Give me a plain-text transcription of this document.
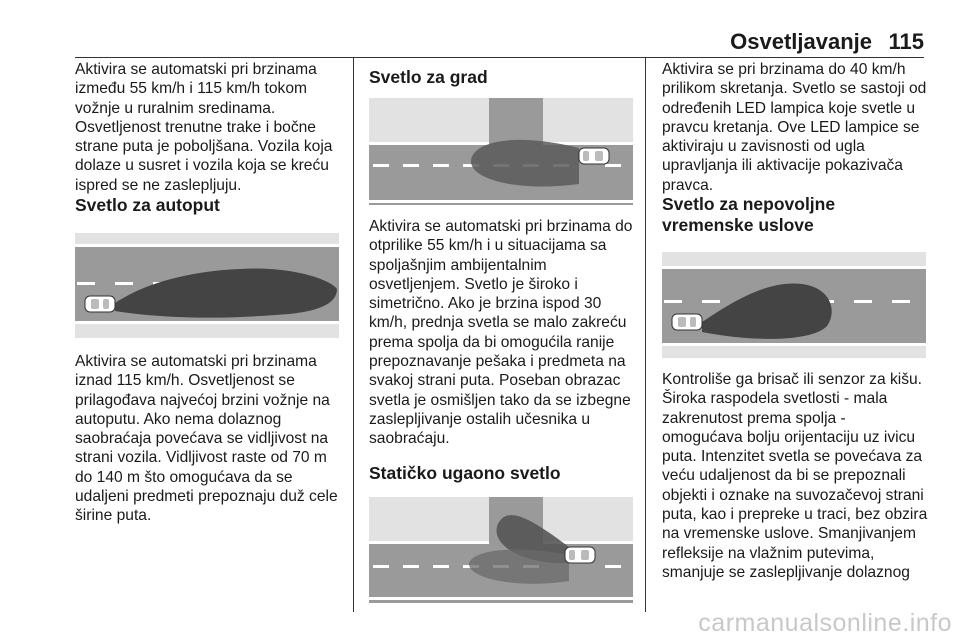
Osvetljavanje 115

Aktivira se automatski pri brzinama između 55 km/h i 115 km/h tokom vožnje u ruralnim sredinama. Osvetljenost trenutne trake i bočne strane puta je poboljšana. Vozila koja dolaze u susret i vozila koja se kreću ispred se ne zaslepljuju.

Svetlo za autoput

Aktivira se automatski pri brzinama iznad 115 km/h. Osvetljenost se prilagođava najvećoj brzini vožnje na autoputu. Ako nema dolaznog saobraćaja povećava se vidljivost na strani vozila. Vidljivost raste od 70 m do 140 m što omogućava da se udaljeni predmeti prepoznaju duž cele širine puta.

Svetlo za grad

Aktivira se automatski pri brzinama do otprilike 55 km/h i u situacijama sa spoljašnjim ambijentalnim osvetljenjem. Svetlo je široko i simetrično. Ako je brzina ispod 30 km/h, prednja svetla se malo zakreću prema spolja da bi omogućila ranije prepoznavanje pešaka i predmeta na svakoj strani puta. Poseban obrazac svetla je osmišljen tako da se izbegne zaslepljivanje ostalih učesnika u saobraćaju.

Statičko ugaono svetlo

Aktivira se pri brzinama do 40 km/h prilikom skretanja. Svetlo se sastoji od određenih LED lampica koje svetle u pravcu kretanja. Ove LED lampice se aktiviraju u zavisnosti od ugla upravljanja ili aktivacije pokazivača pravca.

Svetlo za nepovoljne vremenske uslove

Kontroliše ga brisač ili senzor za kišu. Široka raspodela svetlosti - mala zakrenutost prema spolja - omogućava bolju orijentaciju uz ivicu puta. Intenzitet svetla se povećava za veću udaljenost da bi se prepoznali objekti i oznake na suvozačevoj strani puta, kao i prepreke u traci, bez obzira na vremenske uslove. Smanjivanjem refleksije na vlažnim putevima, smanjuje se zaslepljivanje dolaznog

carmanualsonline.info
